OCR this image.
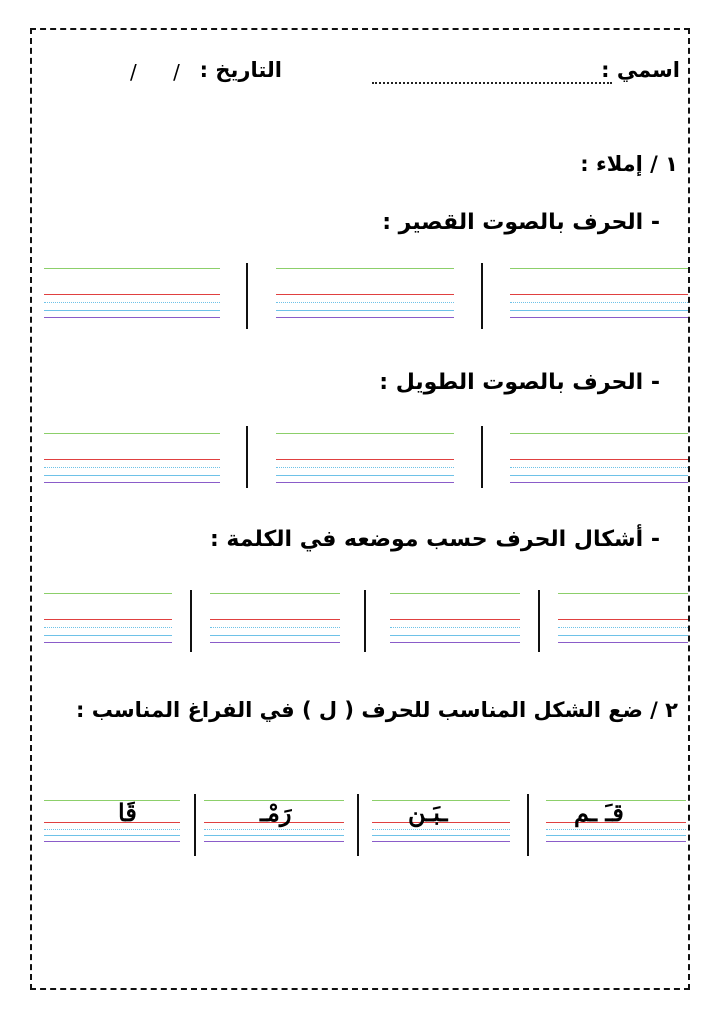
اسمي :
التاريخ :
/ /
١ / إملاء :
- الحرف بالصوت القصير :
- الحرف بالصوت الطويل :
- أشكال الحرف حسب موضعه في الكلمة :
٢ / ضع الشكل المناسب للحرف ( ل ) في الفراغ المناسب :
قَا	رَمْـ	ـبَـن	قـَ ـم
